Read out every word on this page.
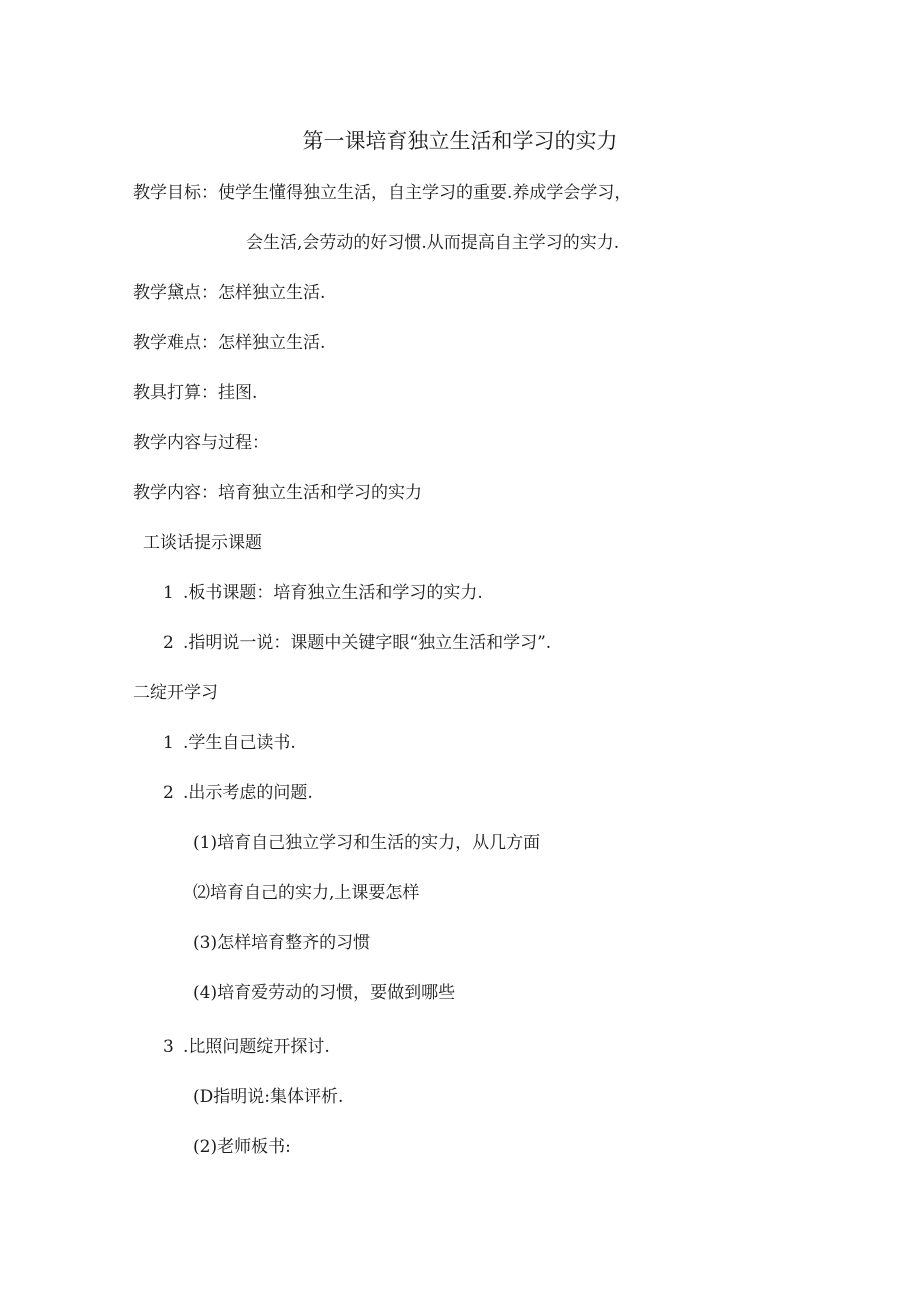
第一课培育独立生活和学习的实力
教学目标：使学生懂得独立生活，自主学习的重要.养成学会学习，
会生活,会劳动的好习惯.从而提高自主学习的实力.
教学黛点：怎样独立生活.
教学难点：怎样独立生活.
教具打算：挂图.
教学内容与过程：
教学内容：培育独立生活和学习的实力
工谈话提示课题
1 .板书课题：培育独立生活和学习的实力.
2 .指明说一说：课题中关键字眼“独立生活和学习”.
二绽开学习
1 .学生自己读书.
2 .出示考虑的问题.
(1)培育自己独立学习和生活的实力，从几方面
⑵培育自己的实力,上课要怎样
(3)怎样培育整齐的习惯
(4)培育爱劳动的习惯，要做到哪些
3 .比照问题绽开探讨.
(D指明说:集体评析.
(2)老师板书:
